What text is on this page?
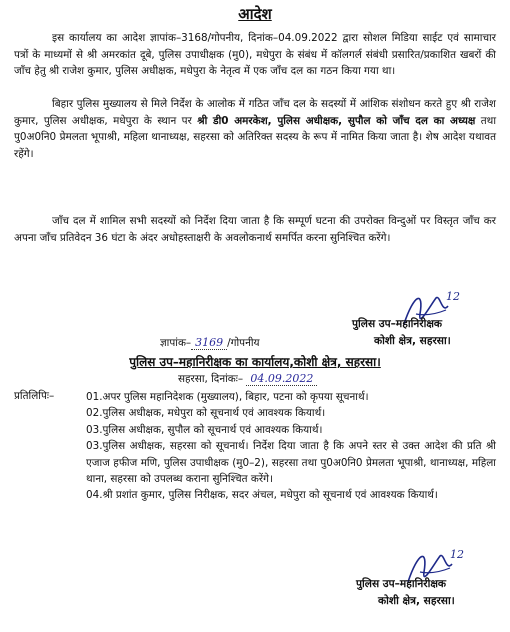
आदेश
इस कार्यालय का आदेश ज्ञापांक–3168/गोपनीय, दिनांक–04.09.2022 द्वारा सोशल मिडिया साईट एवं सामाचार पत्रों के माध्यमों से श्री अमरकांत दूबे, पुलिस उपाधीक्षक (मु0), मधेपुरा के संबंध में कॉलगर्ल संबंधी प्रसारित/प्रकाशित खबरों की जाँच हेतु श्री राजेश कुमार, पुलिस अधीक्षक, मधेपुरा के नेतृत्व में एक जाँच दल का गठन किया गया था।
बिहार पुलिस मुख्यालय से मिले निर्देश के आलोक में गठित जाँच दल के सदस्यों में आंशिक संशोधन करते हुए श्री राजेश कुमार, पुलिस अधीक्षक, मधेपुरा के स्थान पर श्री डी0 अमरकेश, पुलिस अधीक्षक, सुपौल को जाँच दल का अध्यक्ष तथा पु0अ0नि0 प्रेमलता भूपाश्री, महिला थानाध्यक्ष, सहरसा को अतिरिक्त सदस्य के रूप में नामित किया जाता है। शेष आदेश यथावत रहेंगे।
जाँच दल में शामिल सभी सदस्यों को निर्देश दिया जाता है कि सम्पूर्ण घटना की उपरोक्त विन्दुओं पर विस्तृत जाँच कर अपना जाँच प्रतिवेदन 36 घंटा के अंदर अधोहस्ताक्षरी के अवलोकनार्थ समर्पित करना सुनिश्चित करेंगे।
12
पुलिस उप–महानिरीक्षक
कोशी क्षेत्र, सहरसा।
ज्ञापांक– 3169 /गोपनीय
पुलिस उप–महानिरीक्षक का कार्यालय,कोशी क्षेत्र, सहरसा।
सहरसा, दिनांकः– 04.09.2022
प्रतिलिपिः–	01.अपर पुलिस महानिदेशक (मुख्यालय), बिहार, पटना को कृपया सूचनार्थ।
02.पुलिस अधीक्षक, मधेपुरा को सूचनार्थ एवं आवश्यक कियार्थ।
03.पुलिस अधीक्षक, सुपौल को सूचनार्थ एवं आवश्यक कियार्थ।
03.पुलिस अधीक्षक, सहरसा को सूचनार्थ। निर्देश दिया जाता है कि अपने स्तर से उक्त आदेश की प्रति श्री एजाज हफीज मणि, पुलिस उपाधीक्षक (मु0–2), सहरसा तथा पु0अ0नि0 प्रेमलता भूपाश्री, थानाध्यक्ष, महिला थाना, सहरसा को उपलब्ध कराना सुनिश्चित करेंगे।
04.श्री प्रशांत कुमार, पुलिस निरीक्षक, सदर अंचल, मधेपुरा को सूचनार्थ एवं आवश्यक कियार्थ।
12
पुलिस उप–महानिरीक्षक
कोशी क्षेत्र, सहरसा।
